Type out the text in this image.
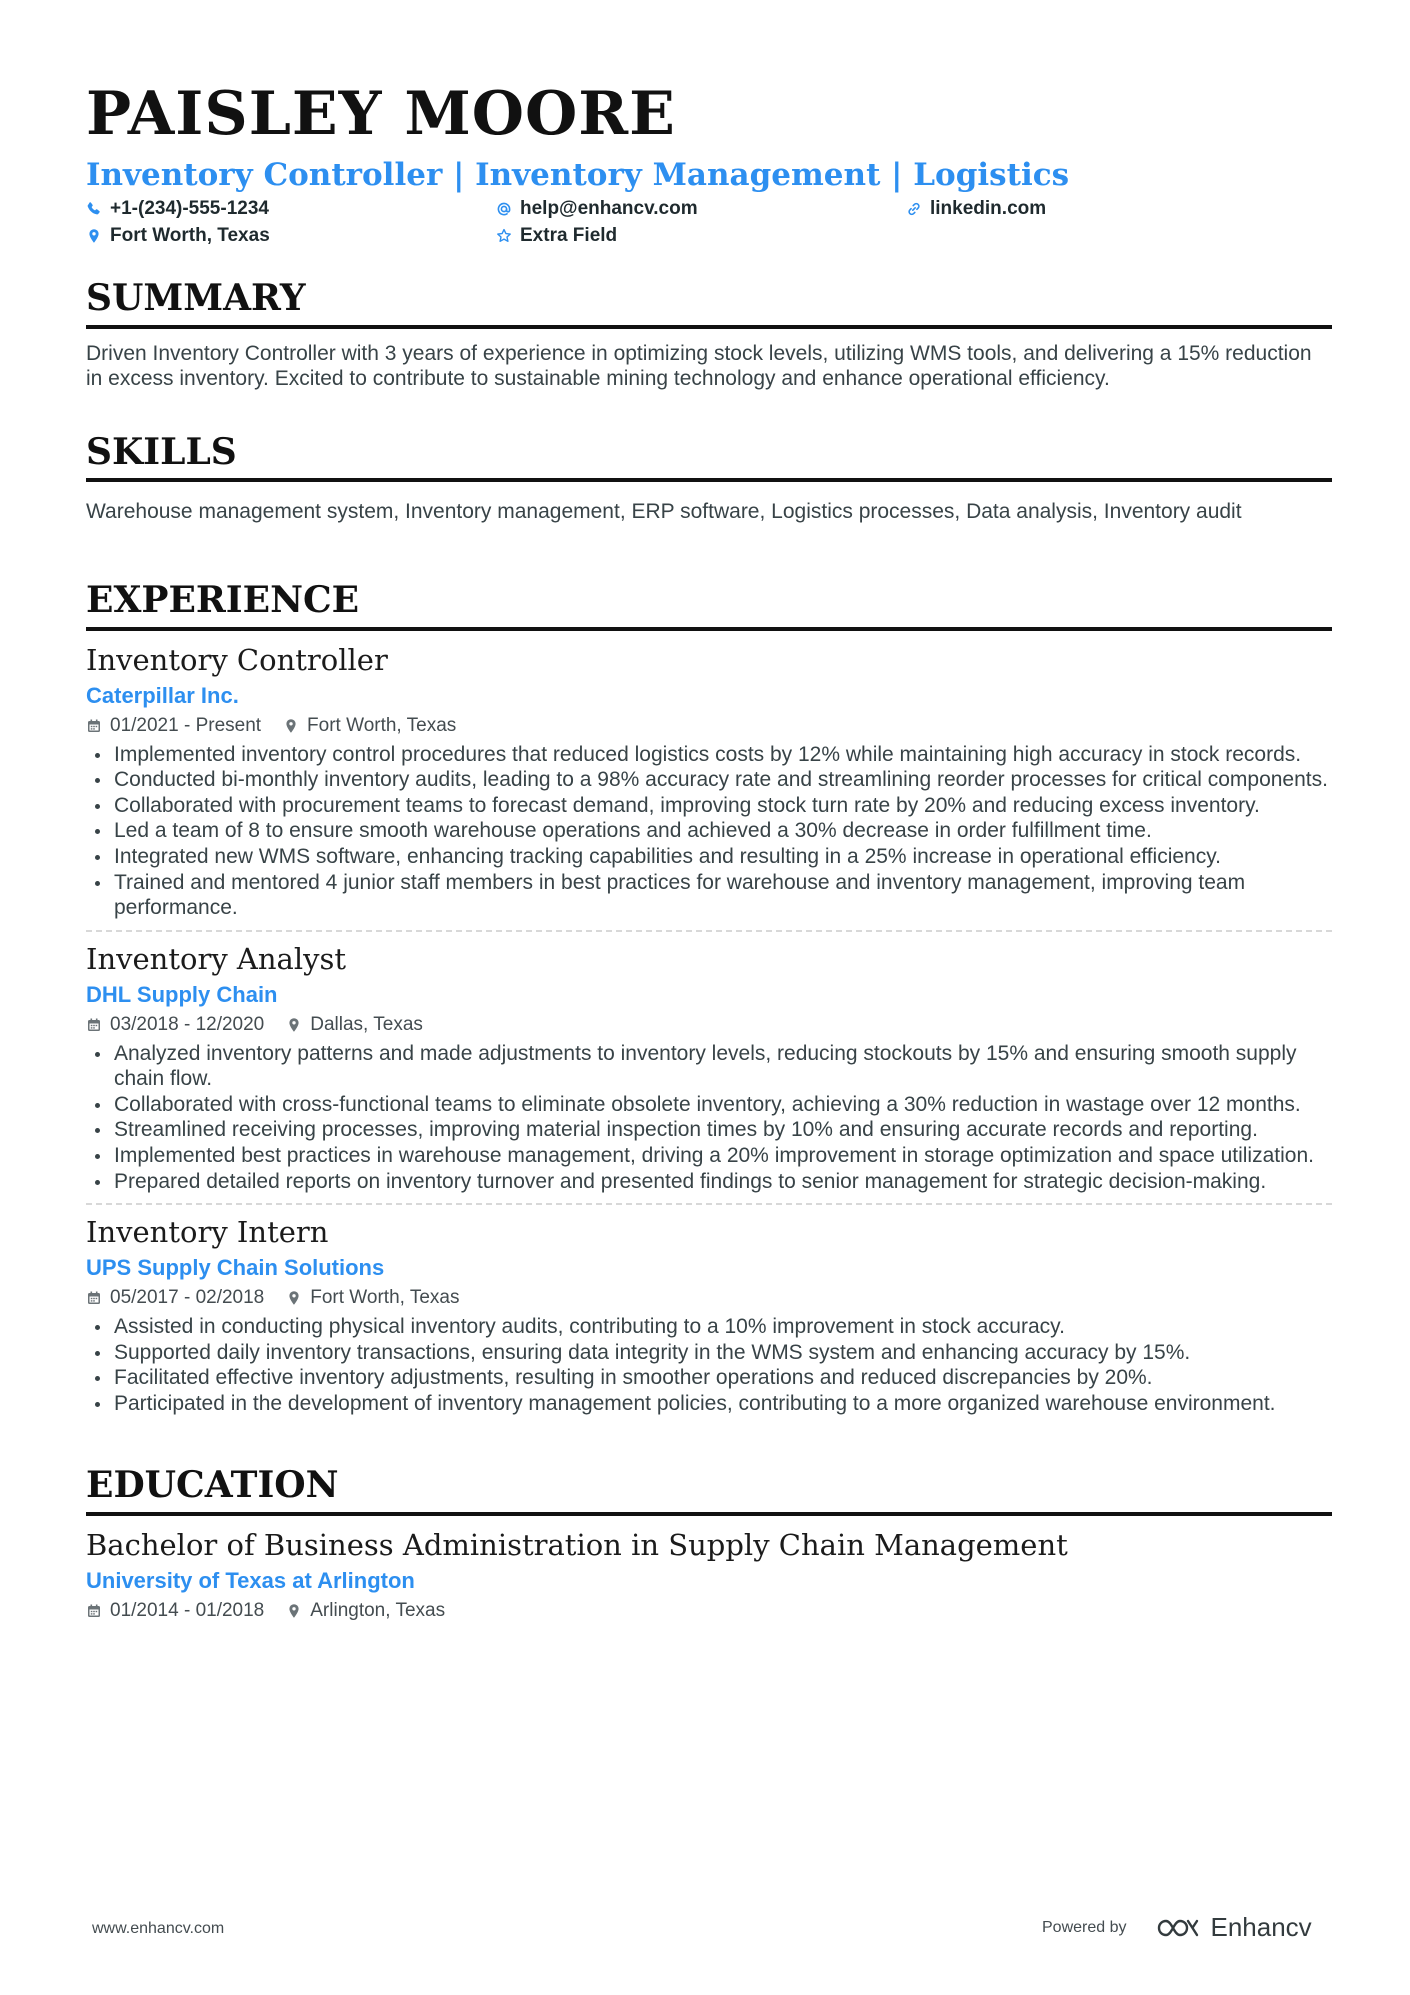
PAISLEY MOORE
Inventory Controller | Inventory Management | Logistics
+1-(234)-555-1234	help@enhancv.com	linkedin.com
Fort Worth, Texas	Extra Field
SUMMARY
Driven Inventory Controller with 3 years of experience in optimizing stock levels, utilizing WMS tools, and delivering a 15% reduction in excess inventory. Excited to contribute to sustainable mining technology and enhance operational efficiency.
SKILLS
Warehouse management system, Inventory management, ERP software, Logistics processes, Data analysis, Inventory audit
EXPERIENCE
Inventory Controller
Caterpillar Inc.
01/2021 - Present Fort Worth, Texas
Implemented inventory control procedures that reduced logistics costs by 12% while maintaining high accuracy in stock records.
Conducted bi-monthly inventory audits, leading to a 98% accuracy rate and streamlining reorder processes for critical components.
Collaborated with procurement teams to forecast demand, improving stock turn rate by 20% and reducing excess inventory.
Led a team of 8 to ensure smooth warehouse operations and achieved a 30% decrease in order fulfillment time.
Integrated new WMS software, enhancing tracking capabilities and resulting in a 25% increase in operational efficiency.
Trained and mentored 4 junior staff members in best practices for warehouse and inventory management, improving team performance.
Inventory Analyst
DHL Supply Chain
03/2018 - 12/2020 Dallas, Texas
Analyzed inventory patterns and made adjustments to inventory levels, reducing stockouts by 15% and ensuring smooth supply chain flow.
Collaborated with cross-functional teams to eliminate obsolete inventory, achieving a 30% reduction in wastage over 12 months.
Streamlined receiving processes, improving material inspection times by 10% and ensuring accurate records and reporting.
Implemented best practices in warehouse management, driving a 20% improvement in storage optimization and space utilization.
Prepared detailed reports on inventory turnover and presented findings to senior management for strategic decision-making.
Inventory Intern
UPS Supply Chain Solutions
05/2017 - 02/2018 Fort Worth, Texas
Assisted in conducting physical inventory audits, contributing to a 10% improvement in stock accuracy.
Supported daily inventory transactions, ensuring data integrity in the WMS system and enhancing accuracy by 15%.
Facilitated effective inventory adjustments, resulting in smoother operations and reduced discrepancies by 20%.
Participated in the development of inventory management policies, contributing to a more organized warehouse environment.
EDUCATION
Bachelor of Business Administration in Supply Chain Management
University of Texas at Arlington
01/2014 - 01/2018 Arlington, Texas
www.enhancv.com	Powered by	Enhancv
